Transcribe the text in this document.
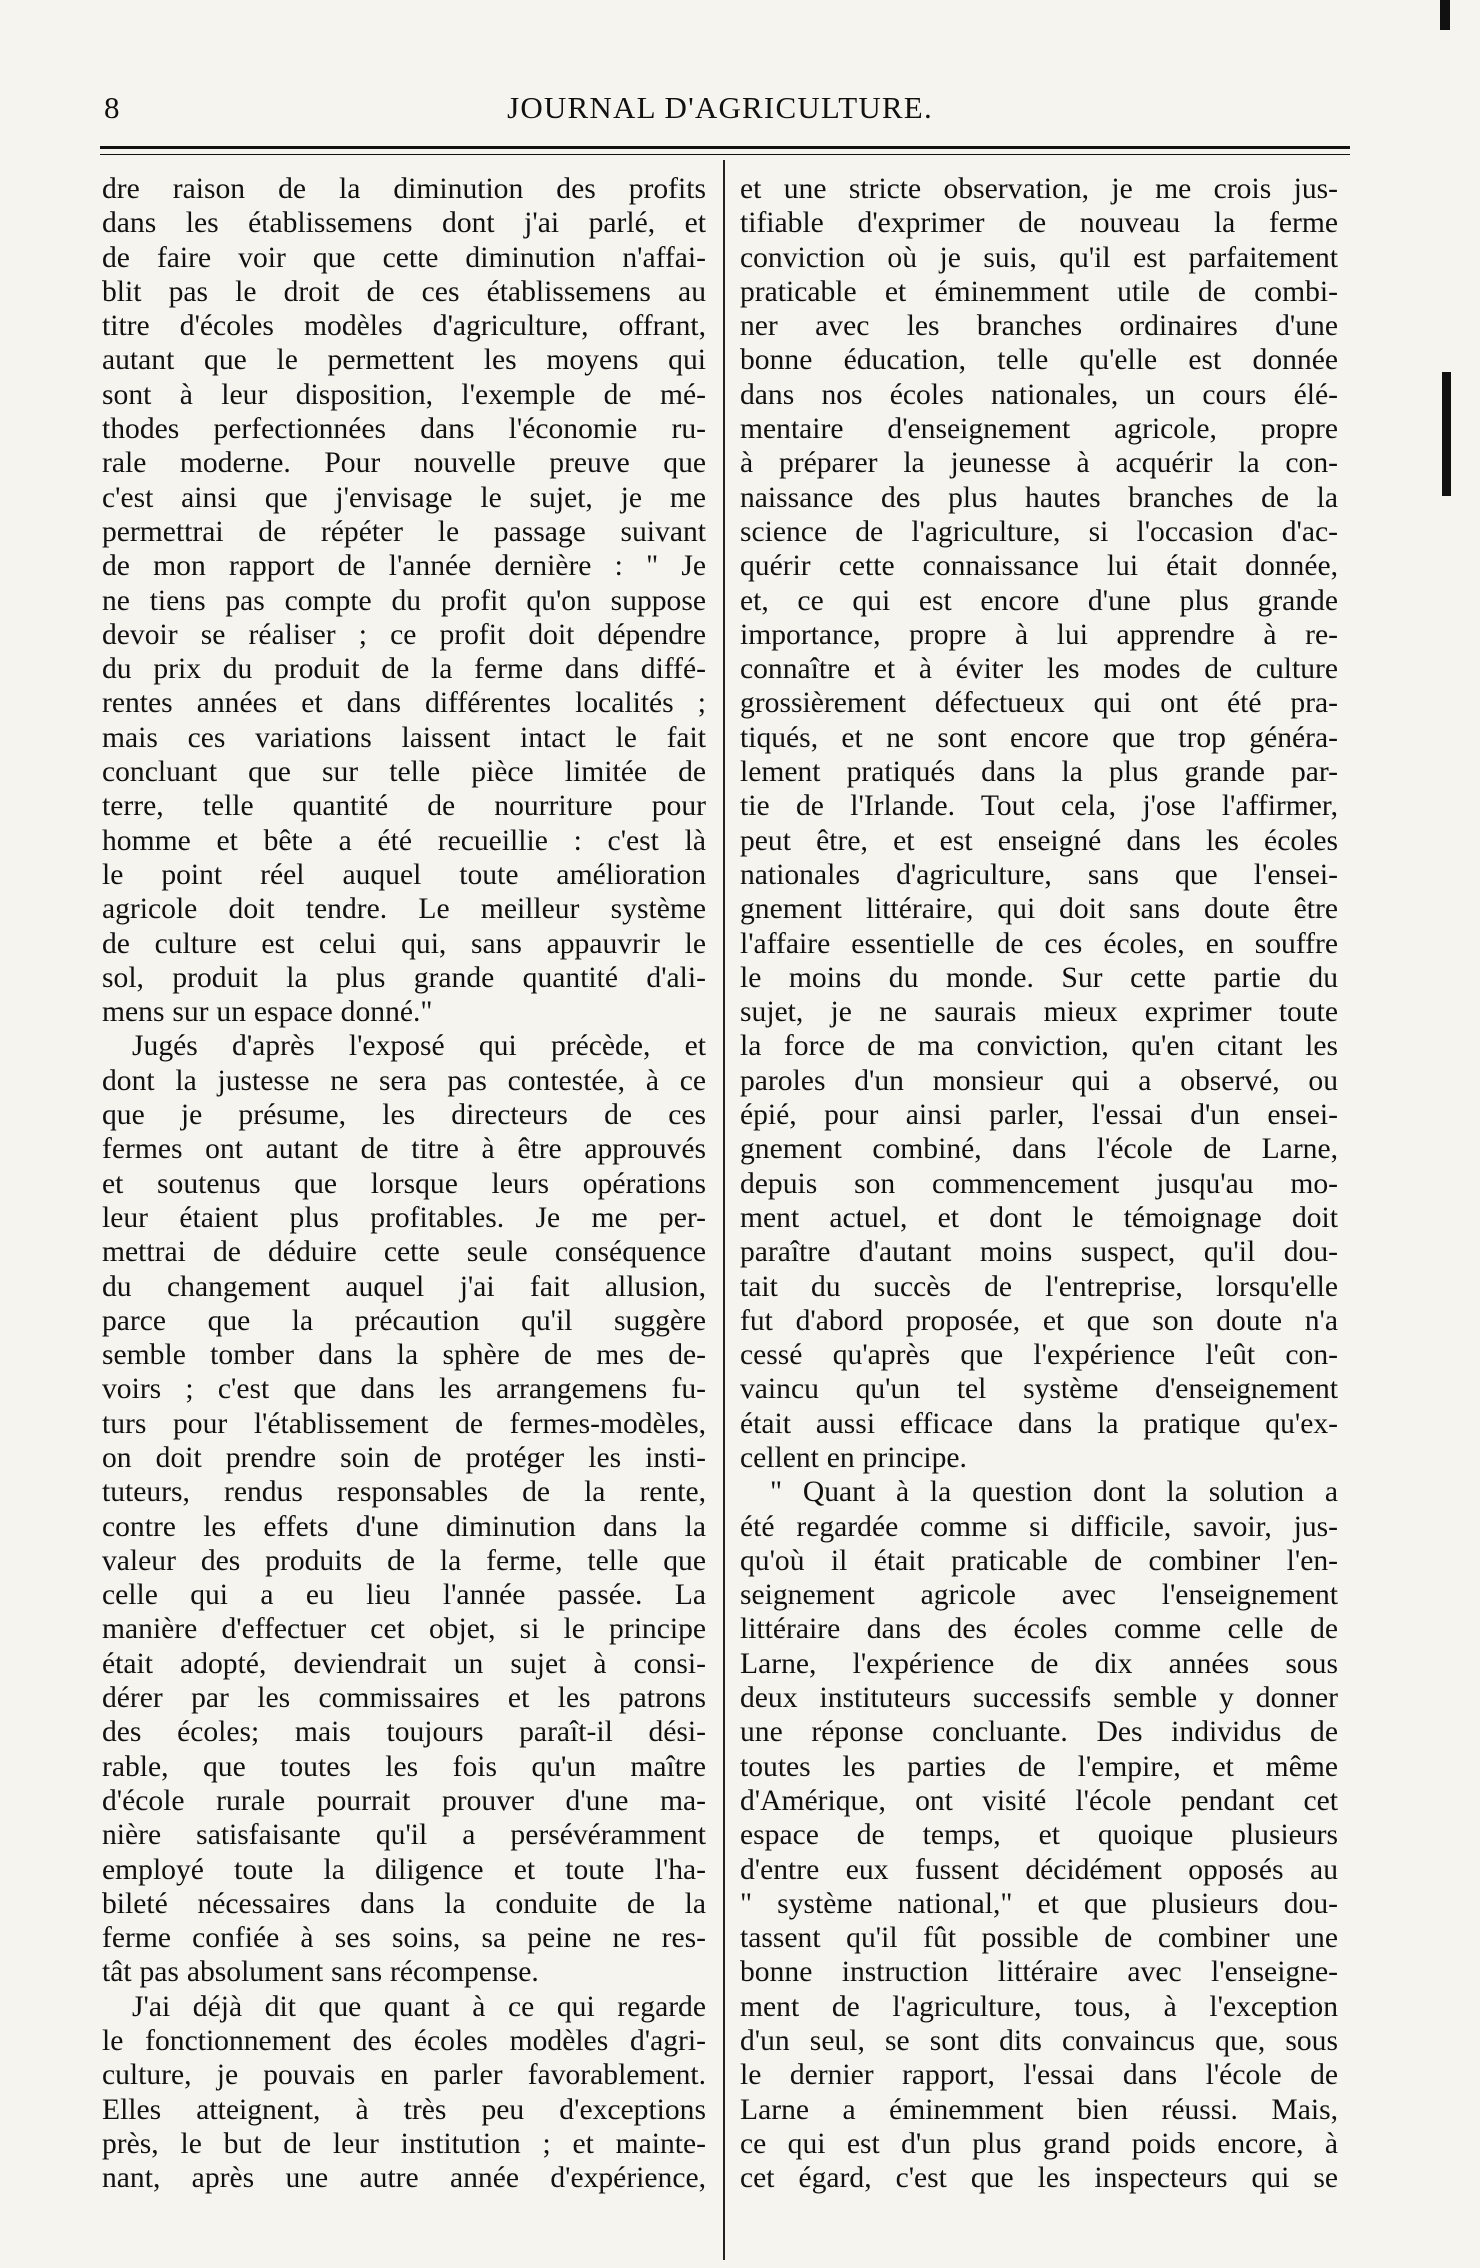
8	JOURNAL D'AGRICULTURE.
dre raison de la diminution des profits
dans les établissemens dont j'ai parlé, et
de faire voir que cette diminution n'affai-
blit pas le droit de ces établissemens au
titre d'écoles modèles d'agriculture, offrant,
autant que le permettent les moyens qui
sont à leur disposition, l'exemple de mé-
thodes perfectionnées dans l'économie ru-
rale moderne. Pour nouvelle preuve que
c'est ainsi que j'envisage le sujet, je me
permettrai de répéter le passage suivant
de mon rapport de l'année dernière : " Je
ne tiens pas compte du profit qu'on suppose
devoir se réaliser ; ce profit doit dépendre
du prix du produit de la ferme dans diffé-
rentes années et dans différentes localités ;
mais ces variations laissent intact le fait
concluant que sur telle pièce limitée de
terre, telle quantité de nourriture pour
homme et bête a été recueillie : c'est là
le point réel auquel toute amélioration
agricole doit tendre. Le meilleur système
de culture est celui qui, sans appauvrir le
sol, produit la plus grande quantité d'ali-
mens sur un espace donné."
Jugés d'après l'exposé qui précède, et
dont la justesse ne sera pas contestée, à ce
que je présume, les directeurs de ces
fermes ont autant de titre à être approuvés
et soutenus que lorsque leurs opérations
leur étaient plus profitables. Je me per-
mettrai de déduire cette seule conséquence
du changement auquel j'ai fait allusion,
parce que la précaution qu'il suggère
semble tomber dans la sphère de mes de-
voirs ; c'est que dans les arrangemens fu-
turs pour l'établissement de fermes-modèles,
on doit prendre soin de protéger les insti-
tuteurs, rendus responsables de la rente,
contre les effets d'une diminution dans la
valeur des produits de la ferme, telle que
celle qui a eu lieu l'année passée. La
manière d'effectuer cet objet, si le principe
était adopté, deviendrait un sujet à consi-
dérer par les commissaires et les patrons
des écoles; mais toujours paraît-il dési-
rable, que toutes les fois qu'un maître
d'école rurale pourrait prouver d'une ma-
nière satisfaisante qu'il a persévéramment
employé toute la diligence et toute l'ha-
bileté nécessaires dans la conduite de la
ferme confiée à ses soins, sa peine ne res-
tât pas absolument sans récompense.
J'ai déjà dit que quant à ce qui regarde
le fonctionnement des écoles modèles d'agri-
culture, je pouvais en parler favorablement.
Elles atteignent, à très peu d'exceptions
près, le but de leur institution ; et mainte-
nant, après une autre année d'expérience,
et une stricte observation, je me crois jus-
tifiable d'exprimer de nouveau la ferme
conviction où je suis, qu'il est parfaitement
praticable et éminemment utile de combi-
ner avec les branches ordinaires d'une
bonne éducation, telle qu'elle est donnée
dans nos écoles nationales, un cours élé-
mentaire d'enseignement agricole, propre
à préparer la jeunesse à acquérir la con-
naissance des plus hautes branches de la
science de l'agriculture, si l'occasion d'ac-
quérir cette connaissance lui était donnée,
et, ce qui est encore d'une plus grande
importance, propre à lui apprendre à re-
connaître et à éviter les modes de culture
grossièrement défectueux qui ont été pra-
tiqués, et ne sont encore que trop généra-
lement pratiqués dans la plus grande par-
tie de l'Irlande. Tout cela, j'ose l'affirmer,
peut être, et est enseigné dans les écoles
nationales d'agriculture, sans que l'ensei-
gnement littéraire, qui doit sans doute être
l'affaire essentielle de ces écoles, en souffre
le moins du monde. Sur cette partie du
sujet, je ne saurais mieux exprimer toute
la force de ma conviction, qu'en citant les
paroles d'un monsieur qui a observé, ou
épié, pour ainsi parler, l'essai d'un ensei-
gnement combiné, dans l'école de Larne,
depuis son commencement jusqu'au mo-
ment actuel, et dont le témoignage doit
paraître d'autant moins suspect, qu'il dou-
tait du succès de l'entreprise, lorsqu'elle
fut d'abord proposée, et que son doute n'a
cessé qu'après que l'expérience l'eût con-
vaincu qu'un tel système d'enseignement
était aussi efficace dans la pratique qu'ex-
cellent en principe.
" Quant à la question dont la solution a
été regardée comme si difficile, savoir, jus-
qu'où il était praticable de combiner l'en-
seignement agricole avec l'enseignement
littéraire dans des écoles comme celle de
Larne, l'expérience de dix années sous
deux instituteurs successifs semble y donner
une réponse concluante. Des individus de
toutes les parties de l'empire, et même
d'Amérique, ont visité l'école pendant cet
espace de temps, et quoique plusieurs
d'entre eux fussent décidément opposés au
" système national," et que plusieurs dou-
tassent qu'il fût possible de combiner une
bonne instruction littéraire avec l'enseigne-
ment de l'agriculture, tous, à l'exception
d'un seul, se sont dits convaincus que, sous
le dernier rapport, l'essai dans l'école de
Larne a éminemment bien réussi. Mais,
ce qui est d'un plus grand poids encore, à
cet égard, c'est que les inspecteurs qui se
